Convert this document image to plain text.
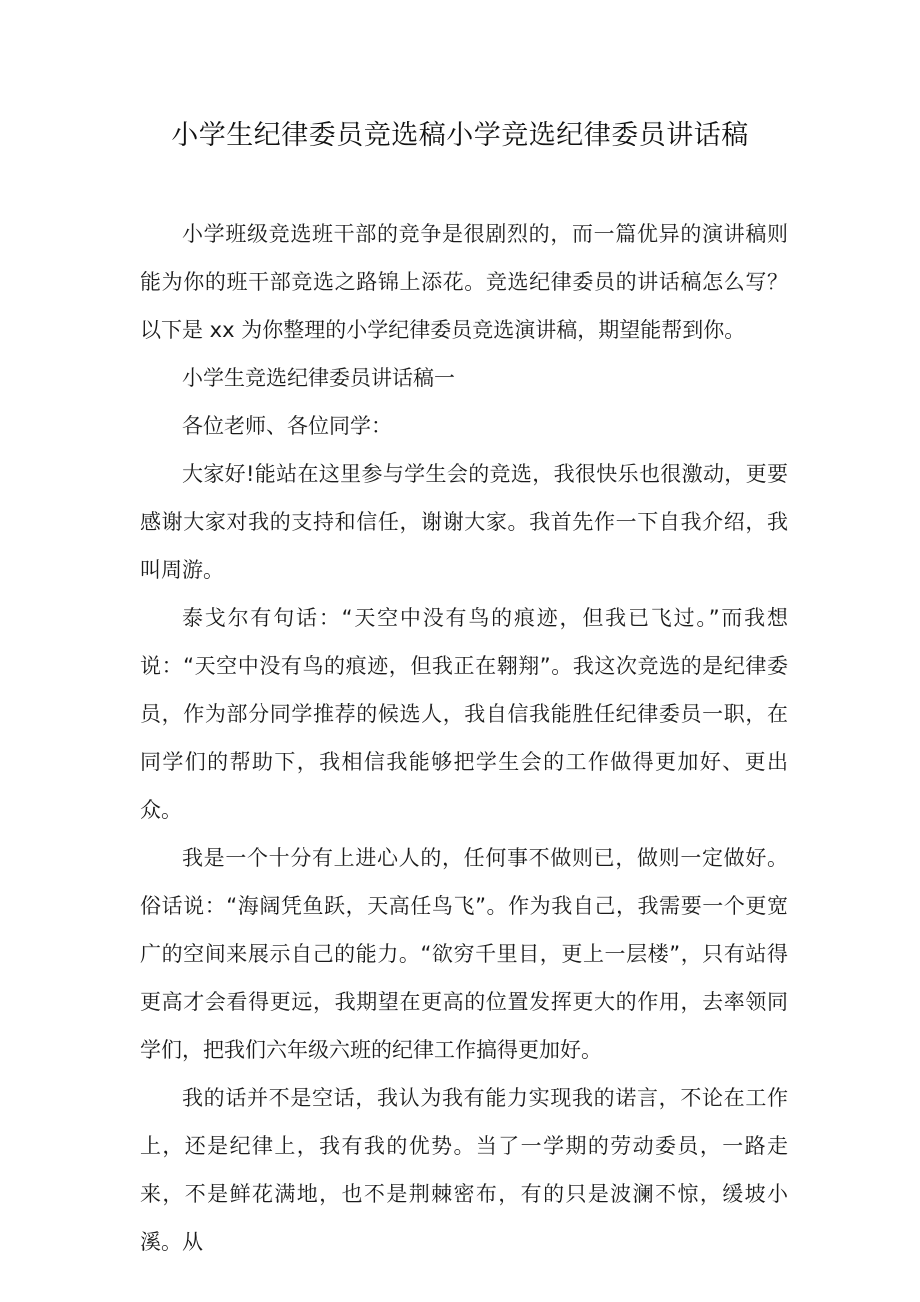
小学生纪律委员竞选稿小学竞选纪律委员讲话稿

小学班级竞选班干部的竞争是很剧烈的，而一篇优异的演讲稿则能为你的班干部竞选之路锦上添花。竞选纪律委员的讲话稿怎么写？以下是 xx 为你整理的小学纪律委员竞选演讲稿，期望能帮到你。

小学生竞选纪律委员讲话稿一

各位老师、各位同学：

大家好!能站在这里参与学生会的竞选，我很快乐也很激动，更要感谢大家对我的支持和信任，谢谢大家。我首先作一下自我介绍，我叫周游。

泰戈尔有句话：“天空中没有鸟的痕迹，但我已飞过。”而我想说：“天空中没有鸟的痕迹，但我正在翱翔”。我这次竞选的是纪律委员，作为部分同学推荐的候选人，我自信我能胜任纪律委员一职，在同学们的帮助下，我相信我能够把学生会的工作做得更加好、更出众。

我是一个十分有上进心人的，任何事不做则已，做则一定做好。俗话说：“海阔凭鱼跃，天高任鸟飞”。作为我自己，我需要一个更宽广的空间来展示自己的能力。“欲穷千里目，更上一层楼”，只有站得更高才会看得更远，我期望在更高的位置发挥更大的作用，去率领同学们，把我们六年级六班的纪律工作搞得更加好。

我的话并不是空话，我认为我有能力实现我的诺言，不论在工作上，还是纪律上，我有我的优势。当了一学期的劳动委员，一路走来，不是鲜花满地，也不是荆棘密布，有的只是波澜不惊，缓坡小溪。从
